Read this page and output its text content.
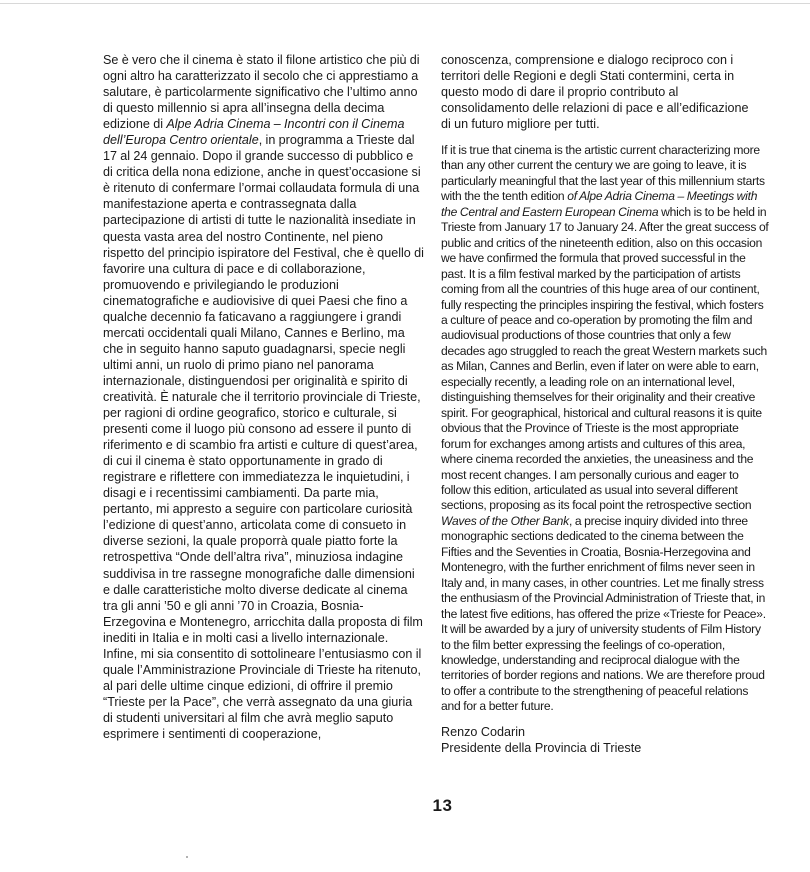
Se è vero che il cinema è stato il filone artistico che più di ogni altro ha caratterizzato il secolo che ci apprestiamo a salutare, è particolarmente significativo che l’ultimo anno di questo millennio si apra all’insegna della decima edizione di Alpe Adria Cinema – Incontri con il Cinema dell’Europa Centro orientale, in programma a Trieste dal 17 al 24 gennaio. Dopo il grande successo di pubblico e di critica della nona edizione, anche in quest’occasione si è ritenuto di confermare l’ormai collaudata formula di una manifestazione aperta e contrassegnata dalla partecipazione di artisti di tutte le nazionalità insediate in questa vasta area del nostro Continente, nel pieno rispetto del principio ispiratore del Festival, che è quello di favorire una cultura di pace e di collaborazione, promuovendo e privilegiando le produzioni cinematografiche e audiovisive di quei Paesi che fino a qualche decennio fa faticavano a raggiungere i grandi mercati occidentali quali Milano, Cannes e Berlino, ma che in seguito hanno saputo guadagnarsi, specie negli ultimi anni, un ruolo di primo piano nel panorama internazionale, distinguendosi per originalità e spirito di creatività. È naturale che il territorio provinciale di Trieste, per ragioni di ordine geografico, storico e culturale, si presenti come il luogo più consono ad essere il punto di riferimento e di scambio fra artisti e culture di quest’area, di cui il cinema è stato opportunamente in grado di registrare e riflettere con immediatezza le inquietudini, i disagi e i recentissimi cambiamenti. Da parte mia, pertanto, mi appresto a seguire con particolare curiosità l’edizione di quest’anno, articolata come di consueto in diverse sezioni, la quale proporrà quale piatto forte la retrospettiva “Onde dell’altra riva”, minuziosa indagine suddivisa in tre rassegne monografiche dalle dimensioni e dalle caratteristiche molto diverse dedicate al cinema tra gli anni ’50 e gli anni ’70 in Croazia, Bosnia-Erzegovina e Montenegro, arricchita dalla proposta di film inediti in Italia e in molti casi a livello internazionale. Infine, mi sia consentito di sottolineare l’entusiasmo con il quale l’Amministrazione Provinciale di Trieste ha ritenuto, al pari delle ultime cinque edizioni, di offrire il premio “Trieste per la Pace”, che verrà assegnato da una giuria di studenti universitari al film che avrà meglio saputo esprimere i sentimenti di cooperazione,

conoscenza, comprensione e dialogo reciproco con i territori delle Regioni e degli Stati contermini, certa in questo modo di dare il proprio contributo al consolidamento delle relazioni di pace e all’edificazione di un futuro migliore per tutti.

If it is true that cinema is the artistic current characterizing more than any other current the century we are going to leave, it is particularly meaningful that the last year of this millennium starts with the the tenth edition of Alpe Adria Cinema – Meetings with the Central and Eastern European Cinema which is to be held in Trieste from January 17 to January 24. After the great success of public and critics of the nineteenth edition, also on this occasion we have confirmed the formula that proved successful in the past. It is a film festival marked by the participation of artists coming from all the countries of this huge area of our continent, fully respecting the principles inspiring the festival, which fosters a culture of peace and co-operation by promoting the film and audiovisual productions of those countries that only a few decades ago struggled to reach the great Western markets such as Milan, Cannes and Berlin, even if later on were able to earn, especially recently, a leading role on an international level, distinguishing themselves for their originality and their creative spirit. For geographical, historical and cultural reasons it is quite obvious that the Province of Trieste is the most appropriate forum for exchanges among artists and cultures of this area, where cinema recorded the anxieties, the uneasiness and the most recent changes. I am personally curious and eager to follow this edition, articulated as usual into several different sections, proposing as its focal point the retrospective section Waves of the Other Bank, a precise inquiry divided into three monographic sections dedicated to the cinema between the Fifties and the Seventies in Croatia, Bosnia-Herzegovina and Montenegro, with the further enrichment of films never seen in Italy and, in many cases, in other countries. Let me finally stress the enthusiasm of the Provincial Administration of Trieste that, in the latest five editions, has offered the prize «Trieste for Peace». It will be awarded by a jury of university students of Film History to the film better expressing the feelings of co-operation, knowledge, understanding and reciprocal dialogue with the territories of border regions and nations. We are therefore proud to offer a contribute to the strengthening of peaceful relations and for a better future.

Renzo Codarin
Presidente della Provincia di Trieste
13
